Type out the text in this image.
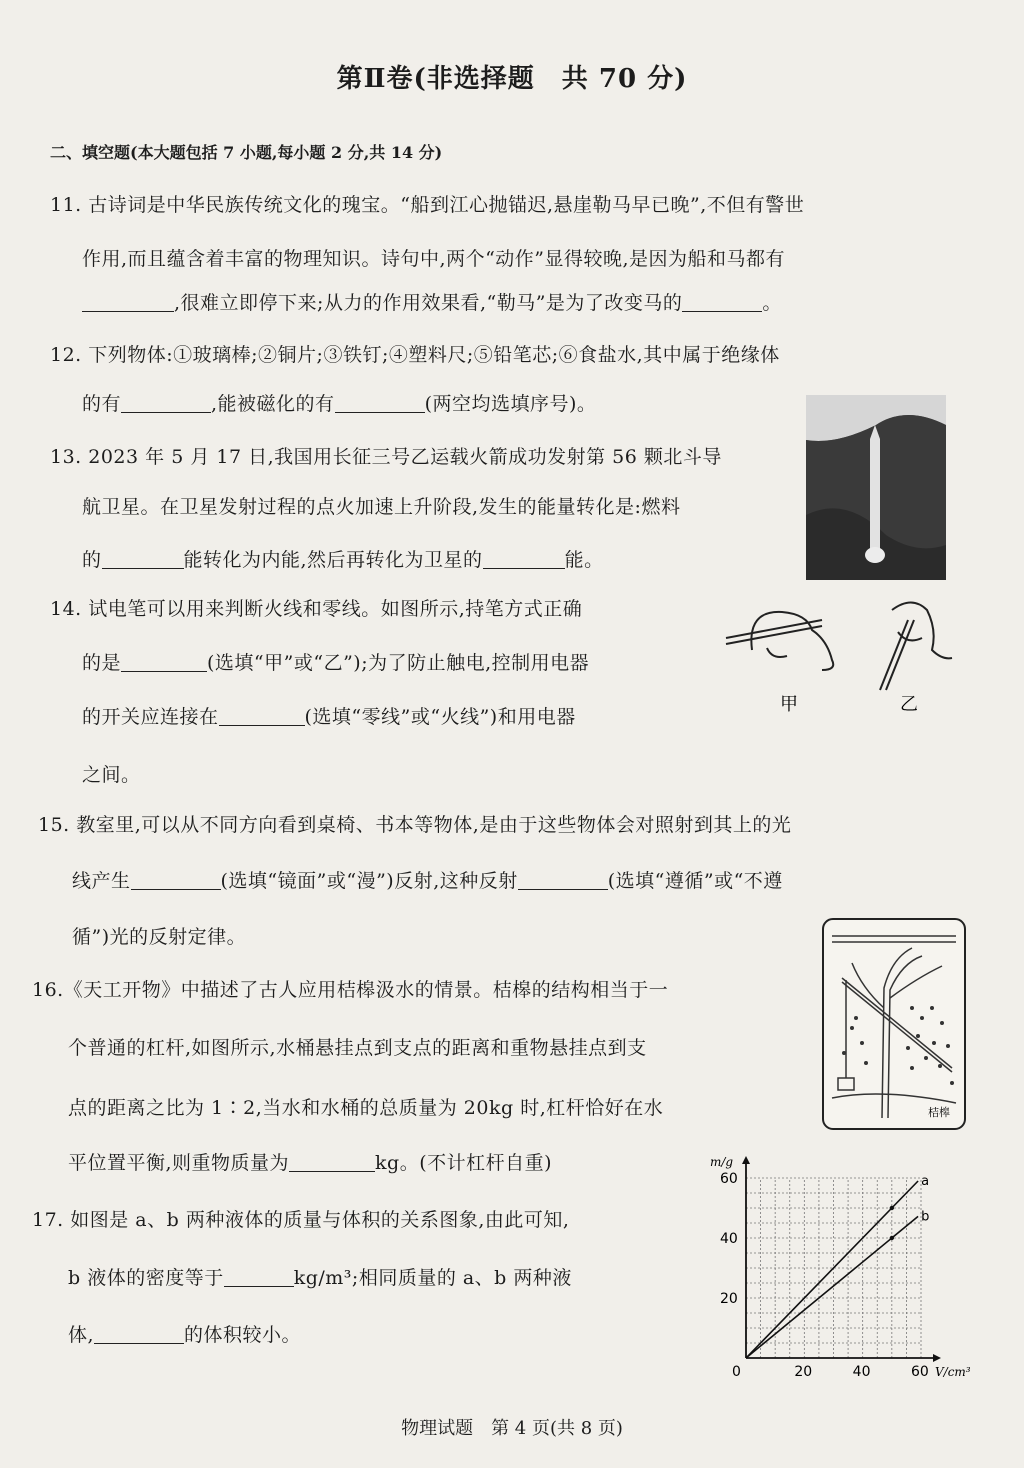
第Ⅱ卷(非选择题　共 70 分)
二、填空题(本大题包括 7 小题,每小题 2 分,共 14 分)
11. 古诗词是中华民族传统文化的瑰宝。“船到江心抛锚迟,悬崖勒马早已晚”,不但有警世
作用,而且蕴含着丰富的物理知识。诗句中,两个“动作”显得较晚,是因为船和马都有
,很难立即停下来;从力的作用效果看,“勒马”是为了改变马的	。
12. 下列物体:①玻璃棒;②铜片;③铁钉;④塑料尺;⑤铅笔芯;⑥食盐水,其中属于绝缘体
的有	,能被磁化的有	(两空均选填序号)。
13. 2023 年 5 月 17 日,我国用长征三号乙运载火箭成功发射第 56 颗北斗导
航卫星。在卫星发射过程的点火加速上升阶段,发生的能量转化是:燃料
的	能转化为内能,然后再转化为卫星的	能。
14. 试电笔可以用来判断火线和零线。如图所示,持笔方式正确
的是	(选填“甲”或“乙”);为了防止触电,控制用电器
的开关应连接在	(选填“零线”或“火线”)和用电器
之间。
甲	乙
15. 教室里,可以从不同方向看到桌椅、书本等物体,是由于这些物体会对照射到其上的光
线产生	(选填“镜面”或“漫”)反射,这种反射	(选填“遵循”或“不遵
循”)光的反射定律。
16.《天工开物》中描述了古人应用桔槔汲水的情景。桔槔的结构相当于一
个普通的杠杆,如图所示,水桶悬挂点到支点的距离和重物悬挂点到支
点的距离之比为 1∶2,当水和水桶的总质量为 20kg 时,杠杆恰好在水
平位置平衡,则重物质量为	kg。(不计杠杆自重)
桔槔
17. 如图是 a、b 两种液体的质量与体积的关系图象,由此可知,
b 液体的密度等于	kg/m³;相同质量的 a、b 两种液
体,	的体积较小。
0	20	40	60
20
40
60
V/cm³
m/g
a
b
物理试题　第 4 页(共 8 页)
